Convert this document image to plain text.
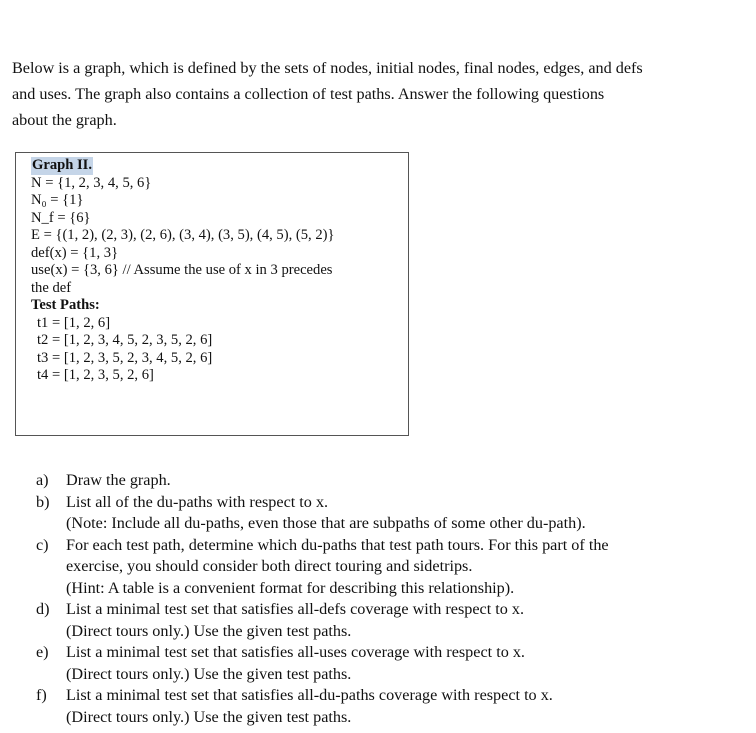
Below is a graph, which is defined by the sets of nodes, initial nodes, final nodes, edges, and defs
and uses. The graph also contains a collection of test paths. Answer the following questions
about the graph.
Graph II.
N = {1, 2, 3, 4, 5, 6}
N₀ = {1}
N_f = {6}
E = {(1, 2), (2, 3), (2, 6), (3, 4), (3, 5), (4, 5), (5, 2)}
def(x) = {1, 3}
use(x) = {3, 6} // Assume the use of x in 3 precedes
the def
Test Paths:
t1 = [1, 2, 6]
t2 = [1, 2, 3, 4, 5, 2, 3, 5, 2, 6]
t3 = [1, 2, 3, 5, 2, 3, 4, 5, 2, 6]
t4 = [1, 2, 3, 5, 2, 6]
a)	Draw the graph.
b)	List all of the du-paths with respect to x.
(Note: Include all du-paths, even those that are subpaths of some other du-path).
c)	For each test path, determine which du-paths that test path tours. For this part of the
exercise, you should consider both direct touring and sidetrips.
(Hint: A table is a convenient format for describing this relationship).
d)	List a minimal test set that satisfies all-defs coverage with respect to x.
(Direct tours only.) Use the given test paths.
e)	List a minimal test set that satisfies all-uses coverage with respect to x.
(Direct tours only.) Use the given test paths.
f)	List a minimal test set that satisfies all-du-paths coverage with respect to x.
(Direct tours only.) Use the given test paths.
